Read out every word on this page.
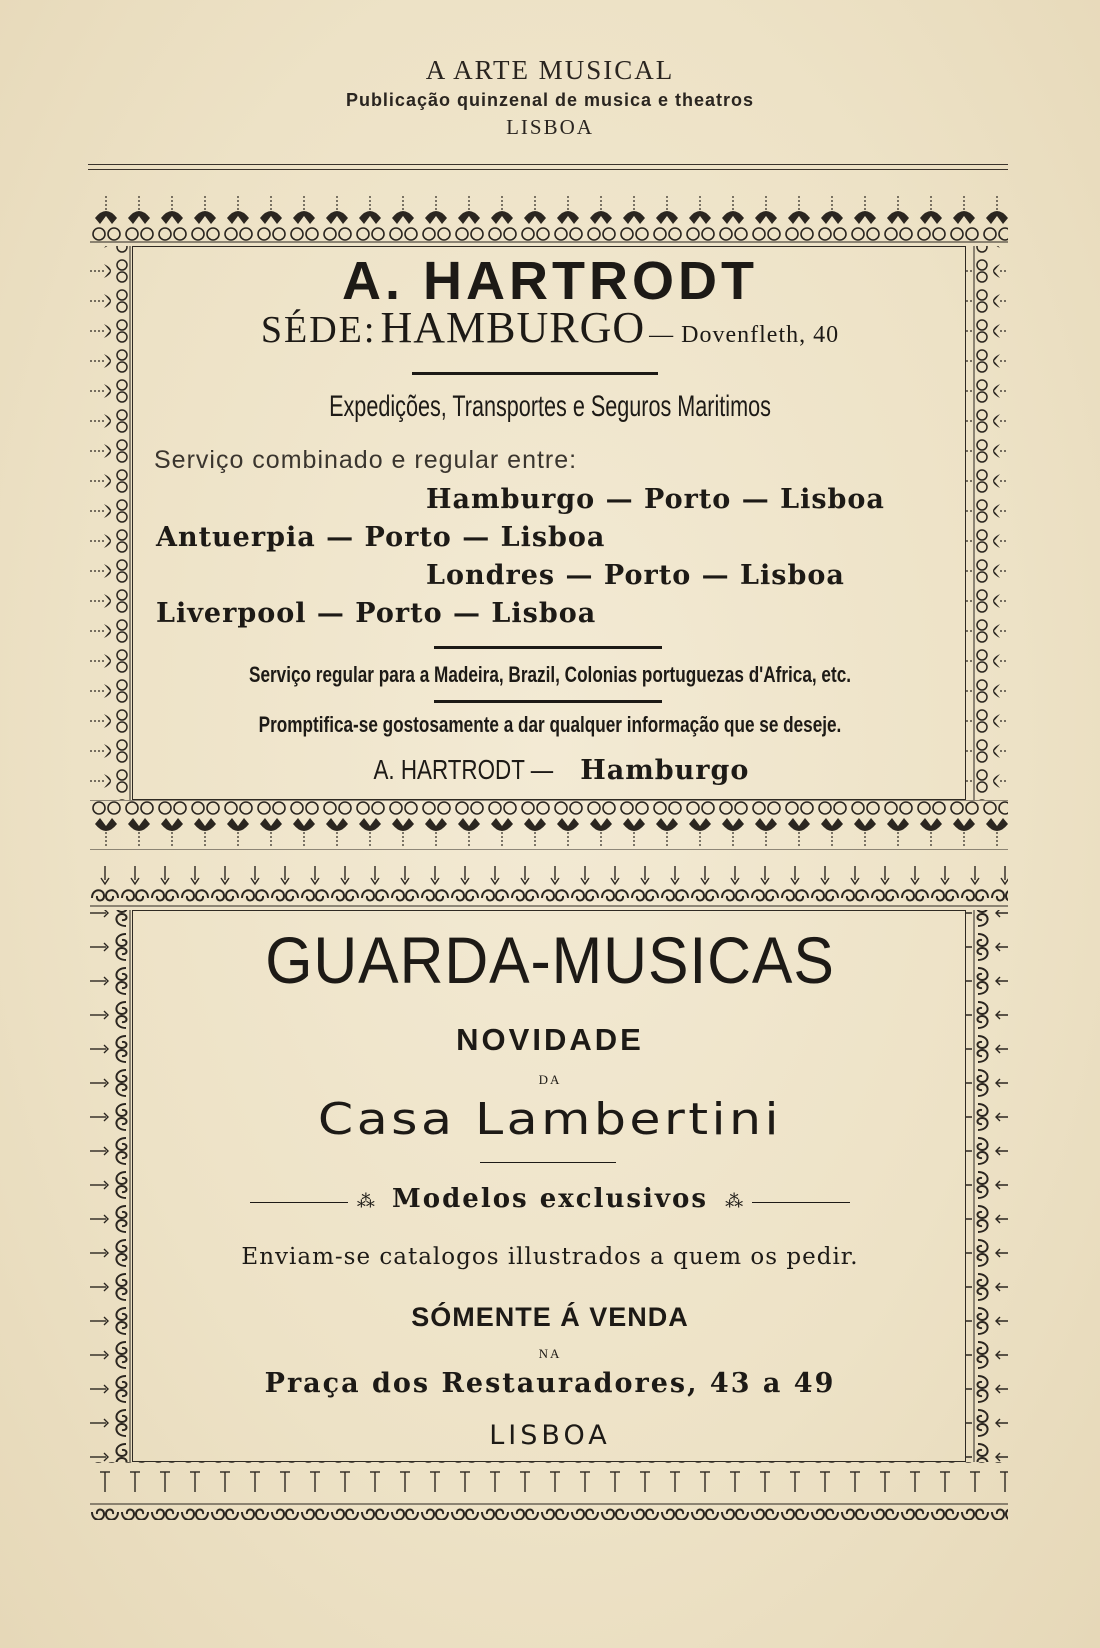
A ARTE MUSICAL
Publicação quinzenal de musica e theatros
LISBOA
A. HARTRODT
SÉDE: HAMBURGO — Dovenfleth, 40
Expedições, Transportes e Seguros Maritimos
Serviço combinado e regular entre:
Hamburgo — Porto — Lisboa
Antuerpia — Porto — Lisboa
Londres — Porto — Lisboa
Liverpool — Porto — Lisboa
Serviço regular para a Madeira, Brazil, Colonias portuguezas d'Africa, etc.
Promptifica-se gostosamente a dar qualquer informação que se deseje.
A. HARTRODT — Hamburgo
GUARDA-MUSICAS
NOVIDADE
DA
Casa Lambertini
⁂ Modelos exclusivos ⁂
Enviam-se catalogos illustrados a quem os pedir.
SÓMENTE Á VENDA
NA
Praça dos Restauradores, 43 a 49
LISBOA
